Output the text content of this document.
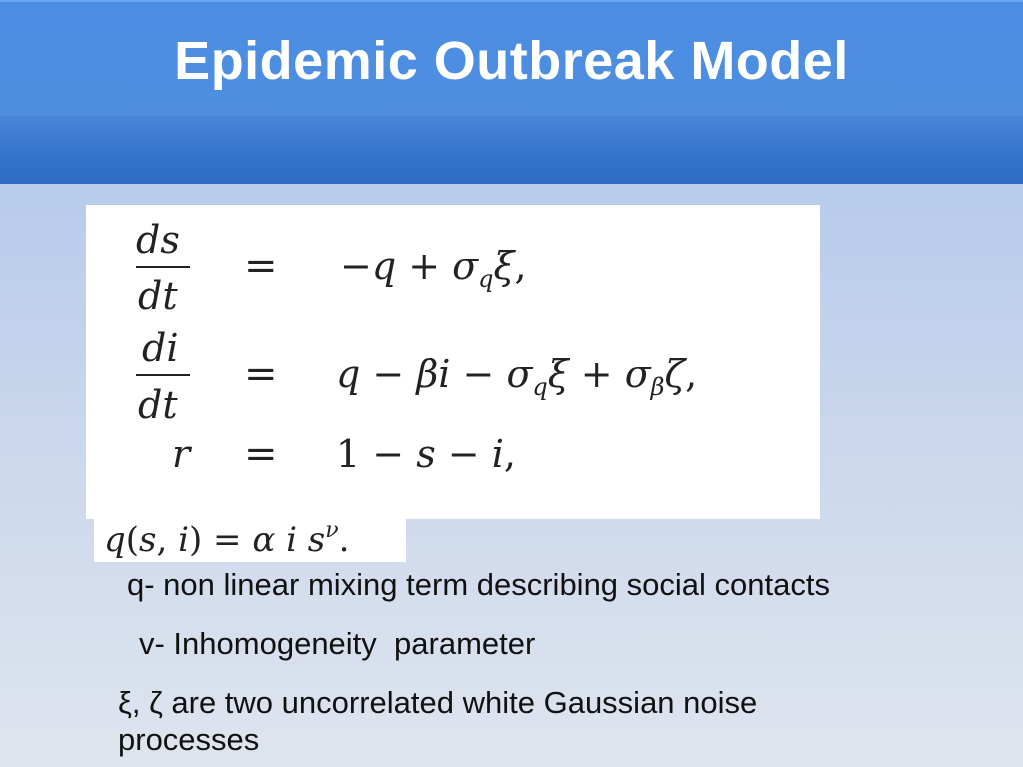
Epidemic Outbreak Model
ds
dt
= $-q + \sigma_q\xi$,
di
dt
= $q - \beta i - \sigma_q\xi + \sigma_\beta\zeta$,
r = 1 − s − i,
q(s, i) = α i $s^\nu$.
q- non linear mixing term describing social contacts
v- Inhomogeneity  parameter
ξ, ζ are two uncorrelated white Gaussian noise processes
